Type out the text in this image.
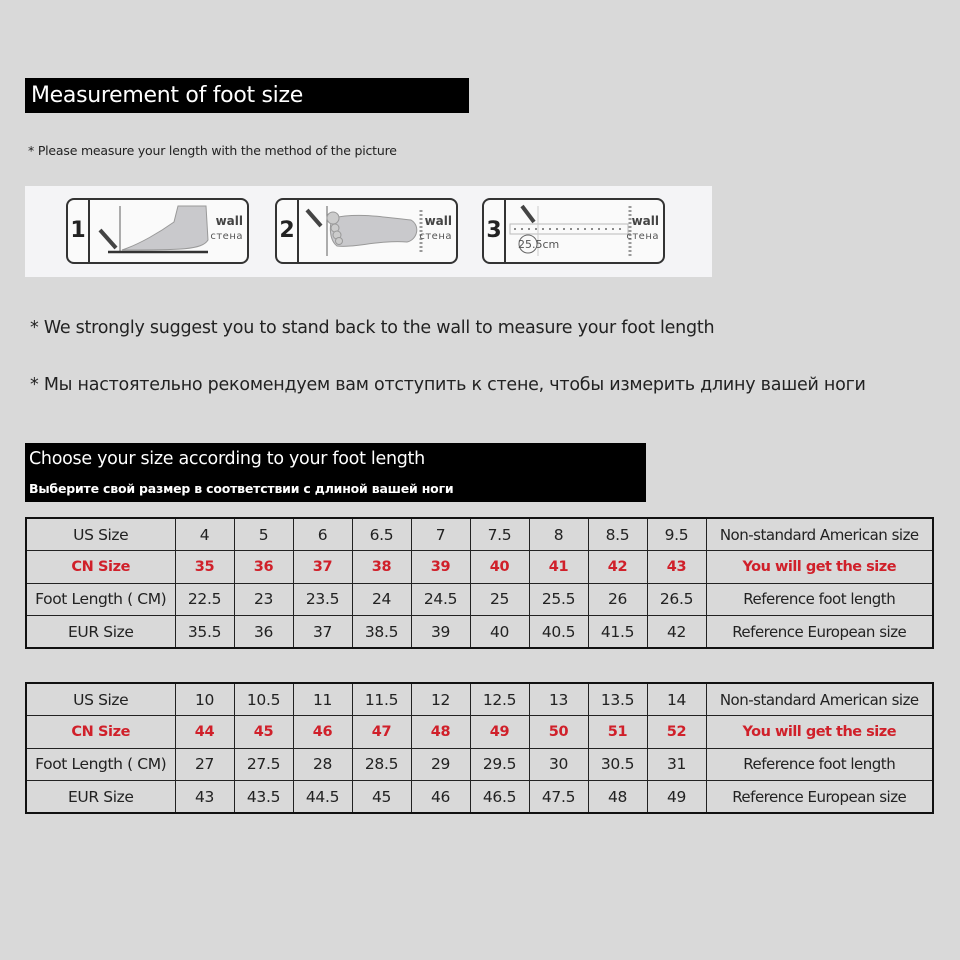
Measurement of foot size
* Please measure your length with the method of the picture
1	wall
стена 2	wall
стена 3
25.5cm
wall
стена
* We strongly suggest you to stand back to the wall to measure your foot length
* Мы настоятельно рекомендуем вам отступить к стене, чтобы измерить длину вашей ноги
Choose your size according to your foot length
Выберите свой размер в соответствии с длиной вашей ноги
US Size	4	5	6	6.5	7	7.5	8	8.5	9.5	Non-standard American size
CN Size	35	36	37	38	39	40	41	42	43	You will get the size
Foot Length ( CM)	22.5	23	23.5	24	24.5	25	25.5	26	26.5	Reference foot length
EUR Size	35.5	36	37	38.5	39	40	40.5	41.5	42	Reference European size
US Size	10	10.5	11	11.5	12	12.5	13	13.5	14	Non-standard American size
CN Size	44	45	46	47	48	49	50	51	52	You will get the size
Foot Length ( CM)	27	27.5	28	28.5	29	29.5	30	30.5	31	Reference foot length
EUR Size	43	43.5	44.5	45	46	46.5	47.5	48	49	Reference European size
